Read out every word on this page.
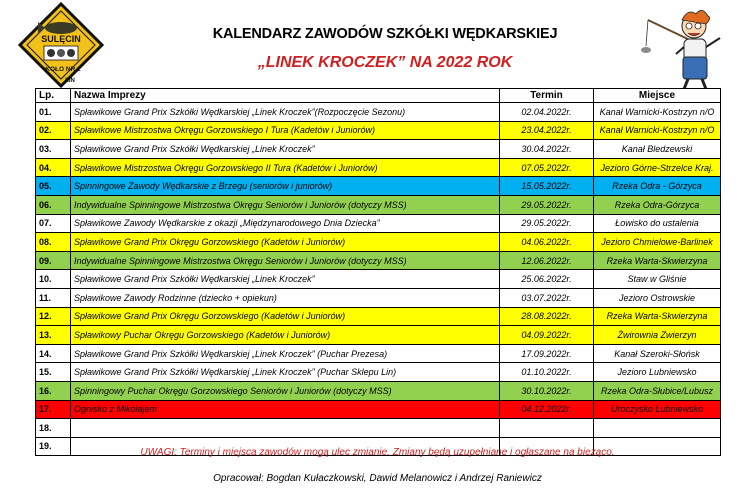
SULĘCIN
KOŁO NR 2
LIN
KALENDARZ ZAWODÓW SZKÓŁKI WĘDKARSKIEJ
„LINEK KROCZEK” NA 2022 ROK
Lp.	Nazwa Imprezy	Termin	Miejsce
01.	Spławikowe Grand Prix Szkółki Wędkarskiej „Linek Kroczek”(Rozpoczęcie Sezonu)	02.04.2022r.	Kanał Warnicki-Kostrzyn n/O
02.	Spławikowe Mistrzostwa Okręgu Gorzowskiego I Tura (Kadetów i Juniorów)	23.04.2022r.	Kanał Warnicki-Kostrzyn n/O
03.	Spławikowe Grand Prix Szkółki Wędkarskiej „Linek Kroczek”	30.04.2022r.	Kanał Bledzewski
04.	Spławikowe Mistrzostwa Okręgu Gorzowskiego II Tura (Kadetów i Juniorów)	07.05.2022r.	Jezioro Górne-Strzelce Kraj.
05.	Spinningowe Zawody Wędkarskie z Brzegu (seniorów i juniorów)	15.05.2022r.	Rzeka Odra - Górzyca
06.	Indywidualne Spinningowe Mistrzostwa Okręgu Seniorów i Juniorów (dotyczy MSS)	29.05.2022r.	Rzeka Odra-Górzyca
07.	Spławikowe Zawody Wędkarskie z okazji „Międzynarodowego Dnia Dziecka”	29.05.2022r.	Łowisko do ustalenia
08.	Spławikowe Grand Prix Okręgu Gorzowskiego (Kadetów i Juniorów)	04.06.2022r.	Jezioro Chmielowe-Barlinek
09.	Indywidualne Spinningowe Mistrzostwa Okręgu Seniorów i Juniorów (dotyczy MSS)	12.06.2022r.	Rzeka Warta-Skwierzyna
10.	Spławikowe Grand Prix Szkółki Wędkarskiej „Linek Kroczek”	25.06.2022r.	Staw w Gliśnie
11.	Spławikowe Zawody Rodzinne (dziecko + opiekun)	03.07.2022r.	Jezioro Ostrowskie
12.	Spławikowe Grand Prix Okręgu Gorzowskiego (Kadetów i Juniorów)	28.08.2022r.	Rzeka Warta-Skwierzyna
13.	Spławikowy Puchar Okręgu Gorzowskiego (Kadetów i Juniorów)	04.09.2022r.	Żwirownia Zwierzyn
14.	Spławikowe Grand Prix Szkółki Wędkarskiej „Linek Kroczek” (Puchar Prezesa)	17.09.2022r.	Kanał Szeroki-Słońsk
15.	Spławikowe Grand Prix Szkółki Wędkarskiej „Linek Kroczek” (Puchar Sklepu Lin)	01.10.2022r.	Jezioro Lubniewsko
16.	Spinningowy Puchar Okręgu Gorzowskiego Seniorów i Juniorów (dotyczy MSS)	30.10.2022r.	Rzeka Odra-Słubice/Lubusz
17.	Ognisko z Mikołajem	04.12.2022r.	Uroczysko Lubniewsko
18.			
19.			
UWAGI: Terminy i miejsca zawodów mogą ulec zmianie. Zmiany będą uzupełniane i ogłaszane na bieżąco.
Opracował: Bogdan Kułaczkowski, Dawid Melanowicz i Andrzej Raniewicz
